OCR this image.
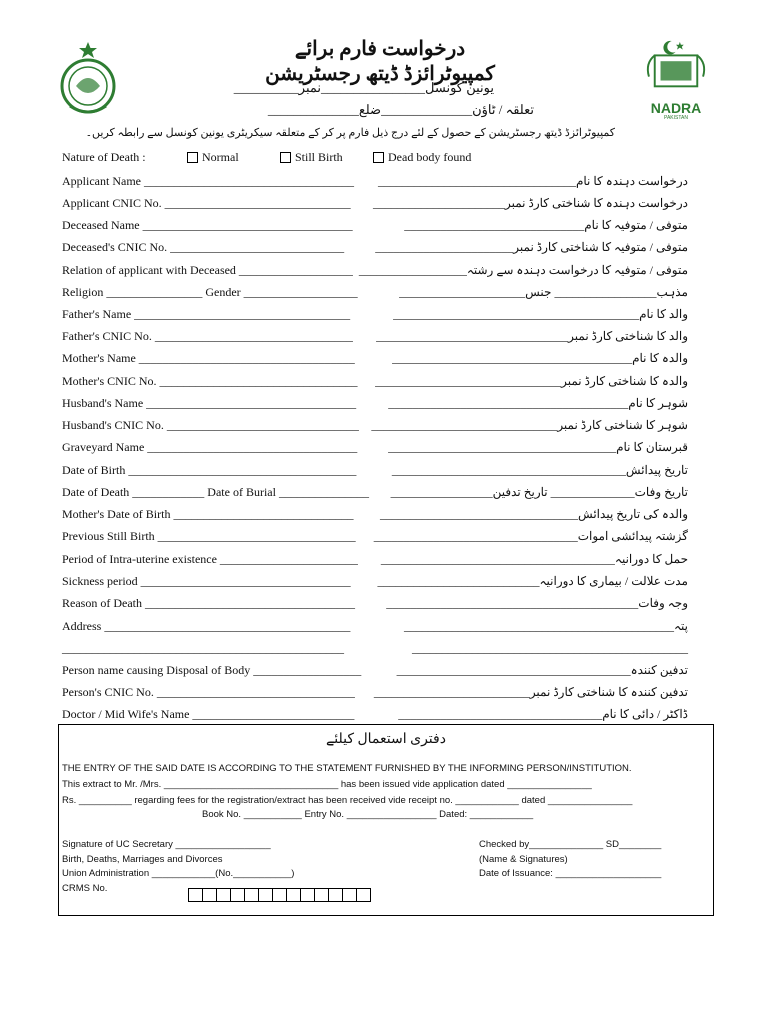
درخواست فارم برائے کمپیوٹرائزڈ ڈیتھ رجسٹریشن
یونین کونسل________________نمبر__________
تعلقہ / ٹاؤن______________ضلع______________
کمپیوٹرائزڈ ڈیتھ رجسٹریشن کے حصول کے لئے درج ذیل فارم پر کر کے متعلقہ سیکریٹری یونین کونسل سے رابطہ کریں۔
NADRA
PAKISTAN
Nature of Death :	Normal	Still Birth	Dead body found
Applicant Name ___________________________________ درخواست دہندہ کا نام_________________________________
Applicant CNIC No. _______________________________ درخواست دہندہ کا شناختی کارڈ نمبر______________________
Deceased Name ___________________________________	متوفی / متوفیہ کا نام______________________________
Deceased's CNIC No. _____________________________	متوفی / متوفیہ کا شناختی کارڈ نمبر_______________________
Relation of applicant with Deceased ___________________ متوفی / متوفیہ کا درخواست دہندہ سے رشتہ__________________
Religion ________________ Gender ___________________	مذہب_________________ جنس_____________________
Father's Name ____________________________________	والد کا نام_________________________________________
Father's CNIC No. _________________________________ والد کا شناختی کارڈ نمبر________________________________
Mother's Name ____________________________________	والدہ کا نام________________________________________
Mother's CNIC No. _________________________________ والدہ کا شناختی کارڈ نمبر_______________________________
Husband's Name ___________________________________	شوہر کا نام________________________________________
Husband's CNIC No. ________________________________ شوہر کا شناختی کارڈ نمبر_______________________________
Graveyard Name ___________________________________	قبرستان کا نام______________________________________
Date of Birth ______________________________________	تاریخ پیدائش_______________________________________
Date of Death ____________ Date of Burial _______________ تاریخ وفات______________ تاریخ تدفین_________________
Mother's Date of Birth ______________________________ والدہ کی تاریخ پیدائش_________________________________
Previous Still Birth _________________________________ گزشتہ پیدائشی اموات__________________________________
Period of Intra-uterine existence _______________________ حمل کا دورانیہ_______________________________________
Sickness period ___________________________________ مدت علالت / بیماری کا دورانیہ___________________________
Reason of Death ___________________________________	وجہ وفات__________________________________________
Address _________________________________________	پتہ_____________________________________________
_______________________________________________	______________________________________________
Person name causing Disposal of Body __________________	تدفین کنندہ_______________________________________
Person's CNIC No. _________________________________ تدفین کنندہ کا شناختی کارڈ نمبر__________________________
Doctor / Mid Wife's Name ___________________________	ڈاکٹر / دائی کا نام__________________________________
دفتری استعمال کیلئے
THE ENTRY OF THE SAID DATE IS ACCORDING TO THE STATEMENT FURNISHED BY THE INFORMING PERSON/INSTITUTION.
This extract to Mr. /Mrs. _________________________________ has been issued vide application dated ________________
Rs. __________ regarding fees for the registration/extract has been received vide receipt no. ____________ dated ________________
Book No. ___________ Entry No. _________________ Dated: ____________
Signature of UC Secretary __________________
Birth, Deaths, Marriages and Divorces
Union Administration ____________(No.___________)
CRMS No.
Checked by______________ SD________
(Name & Signatures)
Date of Issuance: ____________________
